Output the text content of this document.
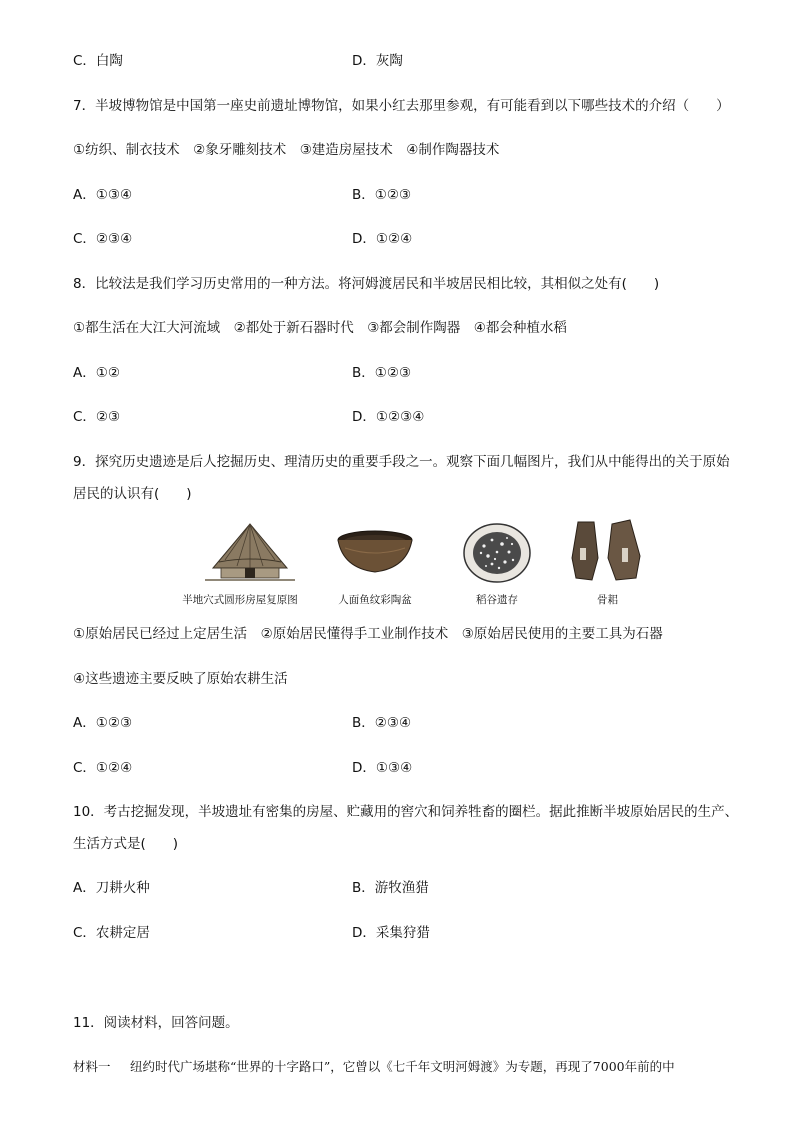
C．白陶	D．灰陶
7．半坡博物馆是中国第一座史前遗址博物馆，如果小红去那里参观，有可能看到以下哪些技术的介绍（　　）
①纺织、制衣技术　②象牙雕刻技术　③建造房屋技术　④制作陶器技术
A．①③④	B．①②③
C．②③④	D．①②④
8．比较法是我们学习历史常用的一种方法。将河姆渡居民和半坡居民相比较，其相似之处有(　　)
①都生活在大江大河流域　②都处于新石器时代　③都会制作陶器　④都会种植水稻
A．①②	B．①②③
C．②③	D．①②③④
9．探究历史遗迹是后人挖掘历史、理清历史的重要手段之一。观察下面几幅图片，我们从中能得出的关于原始
居民的认识有(　　)
半地穴式圆形房屋复原图	人面鱼纹彩陶盆	稻谷遗存	骨耜
①原始居民已经过上定居生活　②原始居民懂得手工业制作技术　③原始居民使用的主要工具为石器
④这些遗迹主要反映了原始农耕生活
A．①②③	B．②③④
C．①②④	D．①③④
10．考古挖掘发现，半坡遗址有密集的房屋、贮藏用的窖穴和饲养牲畜的圈栏。据此推断半坡原始居民的生产、
生活方式是(　　)
A．刀耕火种	B．游牧渔猎
C．农耕定居	D．采集狩猎
11．阅读材料，回答问题。
材料一 纽约时代广场堪称“世界的十字路口”，它曾以《七千年文明河姆渡》为专题，再现了7000年前的中
